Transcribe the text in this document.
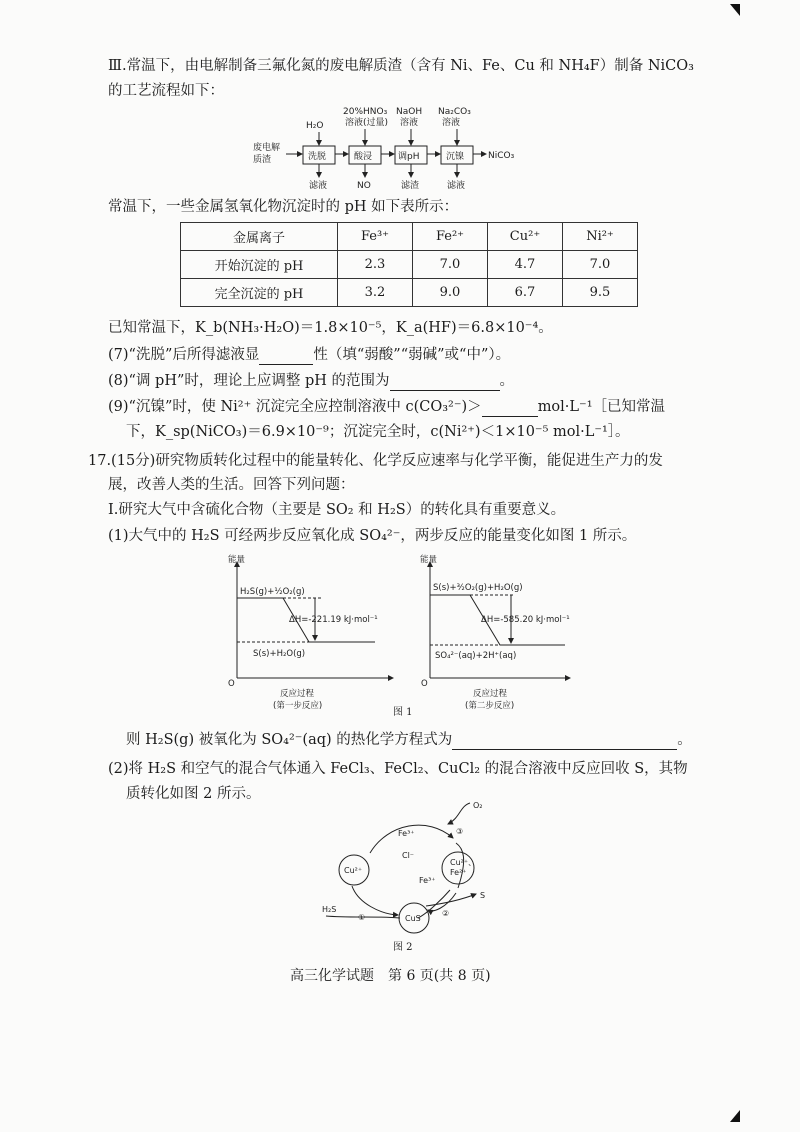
Ⅲ.常温下，由电解制备三氟化氮的废电解质渣（含有 Ni、Fe、Cu 和 NH₄F）制备 NiCO₃
的工艺流程如下：
废电解
质渣	洗脱	酸浸	调pH	沉镍	NiCO₃
H₂O
20%HNO₃
溶液(过量)
NaOH
溶液
Na₂CO₃
溶液
滤液	NO	滤渣	滤液
常温下，一些金属氢氧化物沉淀时的 pH 如下表所示：
金属离子	Fe³⁺	Fe²⁺	Cu²⁺	Ni²⁺
开始沉淀的 pH	2.3	7.0	4.7	7.0
完全沉淀的 pH	3.2	9.0	6.7	9.5
已知常温下，K_b(NH₃·H₂O)＝1.8×10⁻⁵，K_a(HF)＝6.8×10⁻⁴。
(7)“洗脱”后所得滤液显	性（填“弱酸”“弱碱”或“中”）。
(8)“调 pH”时，理论上应调整 pH 的范围为	。
(9)“沉镍”时，使 Ni²⁺ 沉淀完全应控制溶液中 c(CO₃²⁻)＞	mol·L⁻¹［已知常温
下，K_sp(NiCO₃)＝6.9×10⁻⁹；沉淀完全时，c(Ni²⁺)＜1×10⁻⁵ mol·L⁻¹］。
17.(15分)研究物质转化过程中的能量转化、化学反应速率与化学平衡，能促进生产力的发
展，改善人类的生活。回答下列问题：
Ⅰ.研究大气中含硫化合物（主要是 SO₂ 和 H₂S）的转化具有重要意义。
(1)大气中的 H₂S 可经两步反应氧化成 SO₄²⁻，两步反应的能量变化如图 1 所示。
能量
O
H₂S(g)+½O₂(g)
S(s)+H₂O(g)
ΔH=-221.19 kJ·mol⁻¹
反应过程
(第一步反应)
能量
O
S(s)+³⁄₂O₂(g)+H₂O(g)
SO₄²⁻(aq)+2H⁺(aq)
ΔH=-585.20 kJ·mol⁻¹
反应过程
(第二步反应)
图 1
则 H₂S(g) 被氧化为 SO₄²⁻(aq) 的热化学方程式为	。
(2)将 H₂S 和空气的混合气体通入 FeCl₃、FeCl₂、CuCl₂ 的混合溶液中反应回收 S，其物
质转化如图 2 所示。
Cu²⁺
CuS
Cu²⁺、
Fe²⁺
Cl⁻
Fe³⁺
Fe³⁺
O₂
H₂S
S
①	②
③
图 2
高三化学试题　第 6 页(共 8 页)
